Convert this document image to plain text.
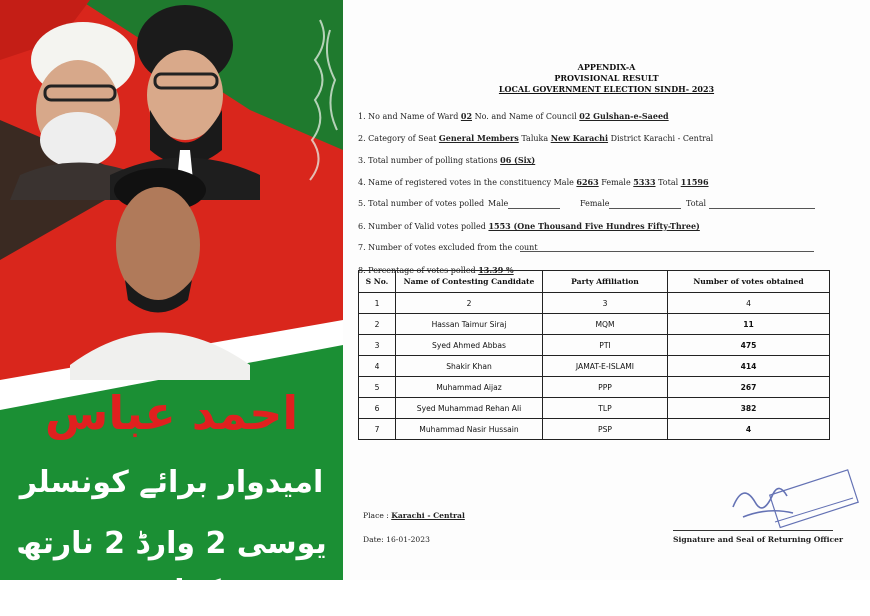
احمد عباس
امیدوار برائے کونسلر
یوسی 2 وارڈ 2 نارتھ کراچی
APPENDIX-A
PROVISIONAL RESULT
LOCAL GOVERNMENT ELECTION SINDH- 2023
1. No and Name of Ward 02 No. and Name of Council 02 Gulshan-e-Saeed
2. Category of Seat General Members Taluka New Karachi District Karachi - Central
3. Total number of polling stations 06 (Six)
4. Name of registered votes in the constituency Male 6263 Female 5333 Total 11596
5. Total number of votes polled Male	Female	Total
6. Number of Valid votes polled 1553 (One Thousand Five Hundres Fifty-Three)
7. Number of votes excluded from the count
8. Percentage of votes polled 13.39 %
S No.	Name of Contesting Candidate	Party Affiliation	Number of votes obtained
1	2	3	4
2	Hassan Taimur Siraj	MQM	11
3	Syed Ahmed Abbas	PTI	475
4	Shakir Khan	JAMAT-E-ISLAMI	414
5	Muhammad Aijaz	PPP	267
6	Syed Muhammad Rehan Ali	TLP	382
7	Muhammad Nasir Hussain	PSP	4
Place : Karachi - Central
Date: 16-01-2023	Signature and Seal of Returning Officer
